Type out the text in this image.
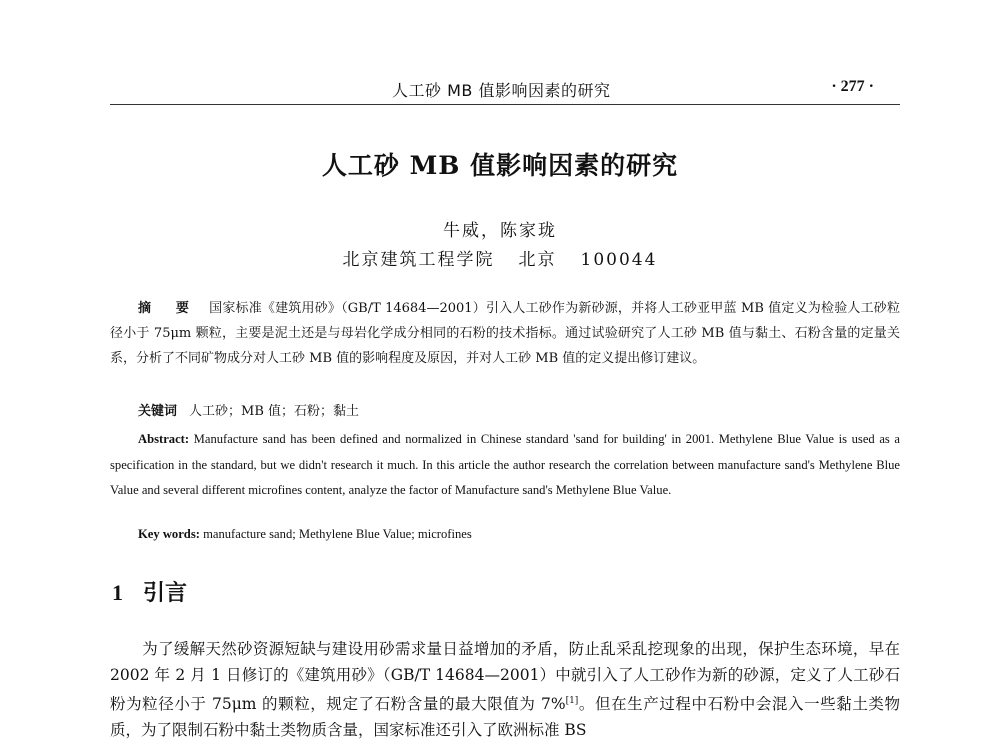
人工砂 MB 值影响因素的研究	· 277 ·
人工砂 MB 值影响因素的研究
牛威，陈家珑
北京建筑工程学院 北京 100044
摘 要 国家标准《建筑用砂》（GB/T 14684—2001）引入人工砂作为新砂源，并将人工砂亚甲蓝 MB 值定义为检验人工砂粒径小于 75μm 颗粒，主要是泥土还是与母岩化学成分相同的石粉的技术指标。通过试验研究了人工砂 MB 值与黏土、石粉含量的定量关系，分析了不同矿物成分对人工砂 MB 值的影响程度及原因，并对人工砂 MB 值的定义提出修订建议。
关键词 人工砂；MB 值；石粉；黏土
Abstract: Manufacture sand has been defined and normalized in Chinese standard 'sand for building' in 2001. Methylene Blue Value is used as a specification in the standard, but we didn't research it much. In this article the author research the correlation between manufacture sand's Methylene Blue Value and several different microfines content, analyze the factor of Manufacture sand's Methylene Blue Value.
Key words: manufacture sand; Methylene Blue Value; microfines
1 引言
为了缓解天然砂资源短缺与建设用砂需求量日益增加的矛盾，防止乱采乱挖现象的出现，保护生态环境，早在 2002 年 2 月 1 日修订的《建筑用砂》（GB/T 14684—2001）中就引入了人工砂作为新的砂源，定义了人工砂石粉为粒径小于 75μm 的颗粒，规定了石粉含量的最大限值为 7%[1]。但在生产过程中石粉中会混入一些黏土类物质，为了限制石粉中黏土类物质含量，国家标准还引入了欧洲标准 BS
